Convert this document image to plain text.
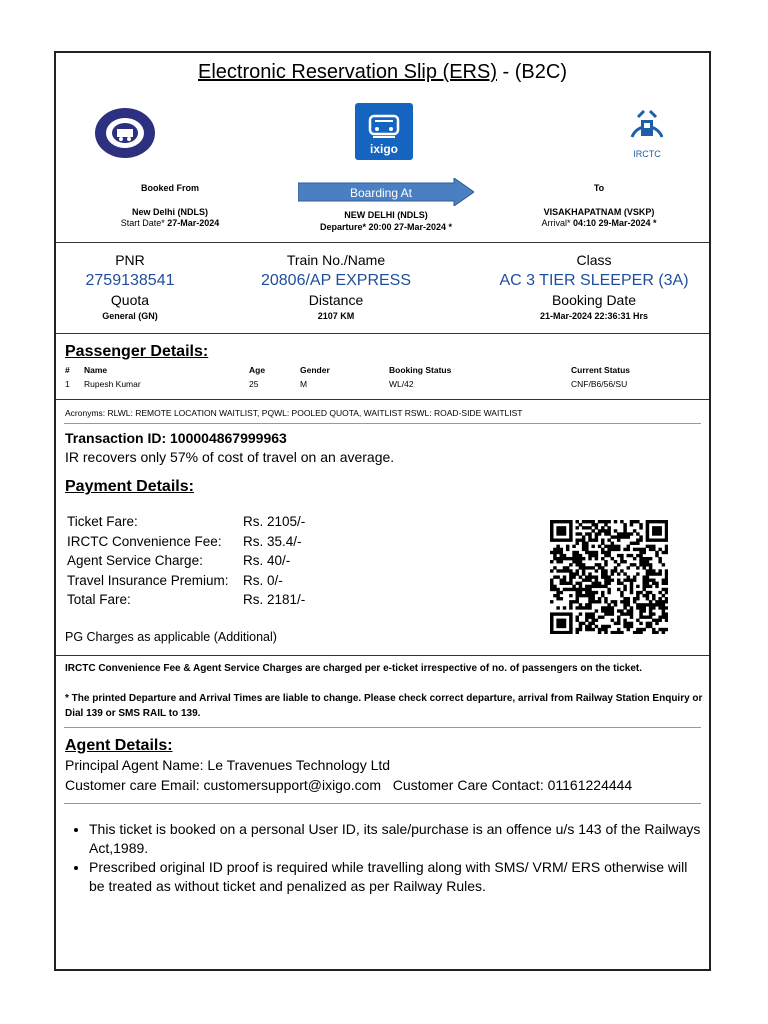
Electronic Reservation Slip (ERS) - (B2C)
ixigo	IRCTC
Booked From
New Delhi (NDLS)
Start Date* 27-Mar-2024
Boarding At
NEW DELHI (NDLS)
Departure* 20:00 27-Mar-2024 *
To
VISAKHAPATNAM (VSKP)
Arrival* 04:10 29-Mar-2024 *
PNR
2759138541
Quota
General (GN)
Train No./Name
20806/AP EXPRESS
Distance
2107 KM
Class
AC 3 TIER SLEEPER (3A)
Booking Date
21-Mar-2024 22:36:31 Hrs
Passenger Details:
# Name	Age	Gender	Booking Status	Current Status
1 Rupesh Kumar	25	M	WL/42	CNF/B6/56/SU
Acronyms: RLWL: REMOTE LOCATION WAITLIST, PQWL: POOLED QUOTA, WAITLIST RSWL: ROAD-SIDE WAITLIST
Transaction ID: 100004867999963
IR recovers only 57% of cost of travel on an average.
Payment Details:
Ticket Fare:	Rs. 2105/-
IRCTC Convenience Fee: Rs. 35.4/-
Agent Service Charge:	Rs. 40/-
Travel Insurance Premium: Rs. 0/-
Total Fare:	Rs. 2181/-
PG Charges as applicable (Additional)
IRCTC Convenience Fee & Agent Service Charges are charged per e-ticket irrespective of no. of passengers on the ticket.
* The printed Departure and Arrival Times are liable to change. Please check correct departure, arrival from Railway Station Enquiry or Dial 139 or SMS RAIL to 139.
Agent Details:
Principal Agent Name: Le Travenues Technology Ltd
Customer care Email: customersupport@ixigo.com Customer Care Contact: 01161224444
• This ticket is booked on a personal User ID, its sale/purchase is an offence u/s 143 of the Railways Act,1989.
• Prescribed original ID proof is required while travelling along with SMS/ VRM/ ERS otherwise will be treated as without ticket and penalized as per Railway Rules.
